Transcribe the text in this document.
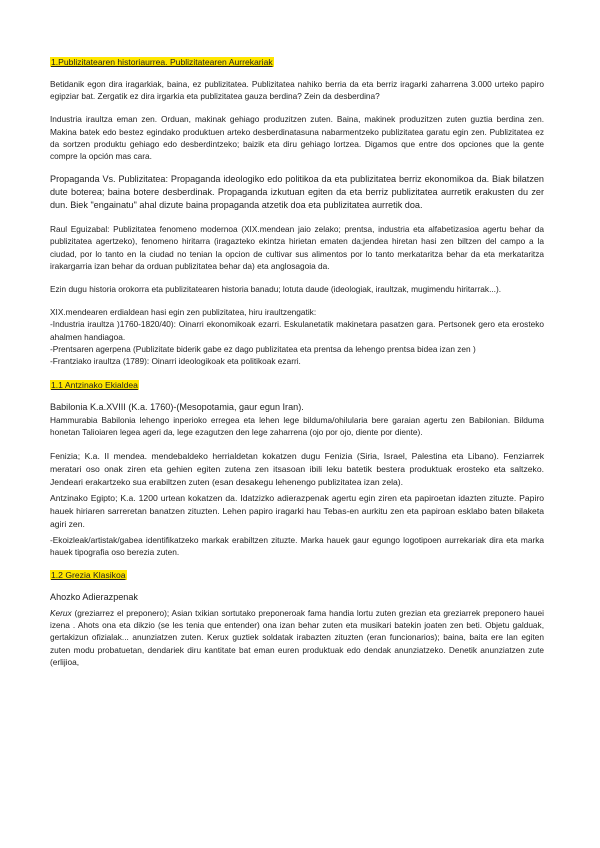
1.Publizitatearen historiaurrea. Publizitatearen Aurrekariak

Betidanik egon dira iragarkiak, baina, ez publizitatea. Publizitatea nahiko berria da eta berriz iragarki zaharrena 3.000 urteko papiro egipziar bat. Zergatik ez dira irgarkia eta publizitatea gauza berdina? Zein da desberdina?

Industria iraultza eman zen. Orduan, makinak gehiago produzitzen zuten. Baina, makinek produzitzen zuten guztia berdina zen. Makina batek edo bestez egindako produktuen arteko desberdinatasuna nabarmentzeko publizitatea garatu egin zen. Publizitatea ez da sortzen produktu gehiago edo desberdintzeko; baizik eta diru gehiago lortzea. Digamos que entre dos opciones que la gente compre la opción mas cara.

Propaganda Vs. Publizitatea: Propaganda ideologiko edo politikoa da eta publizitatea berriz ekonomikoa da. Biak bilatzen dute boterea; baina botere desberdinak. Propaganda izkutuan egiten da eta berriz publizitatea aurretik erakusten du zer dun. Biek "engainatu" ahal dizute baina propaganda atzetik doa eta publizitatea aurretik doa.

Raul Eguizabal: Publizitatea fenomeno modernoa (XIX.mendean jaio zelako; prentsa, industria eta alfabetizasioa agertu behar da publizitatea agertzeko), fenomeno hiritarra (iragazteko ekintza hirietan ematen da;jendea hiretan hasi zen biltzen del campo a la ciudad, por lo tanto en la ciudad no tenian la opcion de cultivar sus alimentos por lo tanto merkataritza behar da eta merkataritza irakargarria izan behar da orduan publizitatea behar da) eta anglosagoia da.

Ezin dugu historia orokorra eta publizitatearen historia banadu; lotuta daude (ideologiak, iraultzak, mugimendu hiritarrak...).

XIX.mendearen erdialdean hasi egin zen publizitatea, hiru iraultzengatik:

-Industria iraultza )1760-1820/40): Oinarri ekonomikoak ezarri. Eskulanetatik makinetara pasatzen gara. Pertsonek gero eta erosteko ahalmen handiagoa.

-Prentsaren agerpena (Publizitate biderik gabe ez dago publizitatea eta prentsa da lehengo prentsa bidea izan zen )

-Frantziako iraultza (1789): Oinarri ideologikoak eta politikoak ezarri.

1.1 Antzinako Ekialdea

Babilonia K.a.XVIII (K.a. 1760)-(Mesopotamia, gaur egun Iran).

Hammurabia Babilonia lehengo inperioko erregea eta lehen lege bilduma/ohilularia bere garaian agertu zen Babilonian. Bilduma honetan Talioiaren legea ageri da, lege ezagutzen den lege zaharrena (ojo por ojo, diente por diente).

Fenizia; K.a. II mendea. mendebaldeko herrialdetan kokatzen dugu Fenizia (Siria, Israel, Palestina eta Libano). Fenziarrek meratari oso onak ziren eta gehien egiten zutena zen itsasoan ibili leku batetik bestera produktuak erosteko eta saltzeko. Jendeari erakartzeko sua erabiltzen zuten (esan desakegu lehenengo publizitatea izan zela).

Antzinako Egipto; K.a. 1200 urtean kokatzen da. Idatzizko adierazpenak agertu egin ziren eta papiroetan idazten zituzte. Papiro hauek hiriaren sarreretan banatzen zituzten. Lehen papiro iragarki hau Tebas-en aurkitu zen eta papiroan esklabo baten bilaketa agiri zen.

-Ekoizleak/artistak/gabea identifikatzeko markak erabiltzen zituzte. Marka hauek gaur egungo logotipoen aurrekariak dira eta marka hauek tipografia oso berezia zuten.

1.2 Grezia Klasikoa

Ahozko Adierazpenak

Kerux (greziarrez el preponero); Asian txikian sortutako preponeroak fama handia lortu zuten grezian eta greziarrek preponero hauei izena . Ahots ona eta dikzio (se les tenia que entender) ona izan behar zuten eta musikari batekin joaten zen beti. Objetu galduak, gertakizun ofizialak... anunziatzen zuten. Kerux guztiek soldatak irabazten zituzten (eran funcionarios); baina, baita ere lan egiten zuten modu probatuetan, dendariek diru kantitate bat eman euren produktuak edo dendak anunziatzeko. Denetik anunziatzen zute (erlijioa,
